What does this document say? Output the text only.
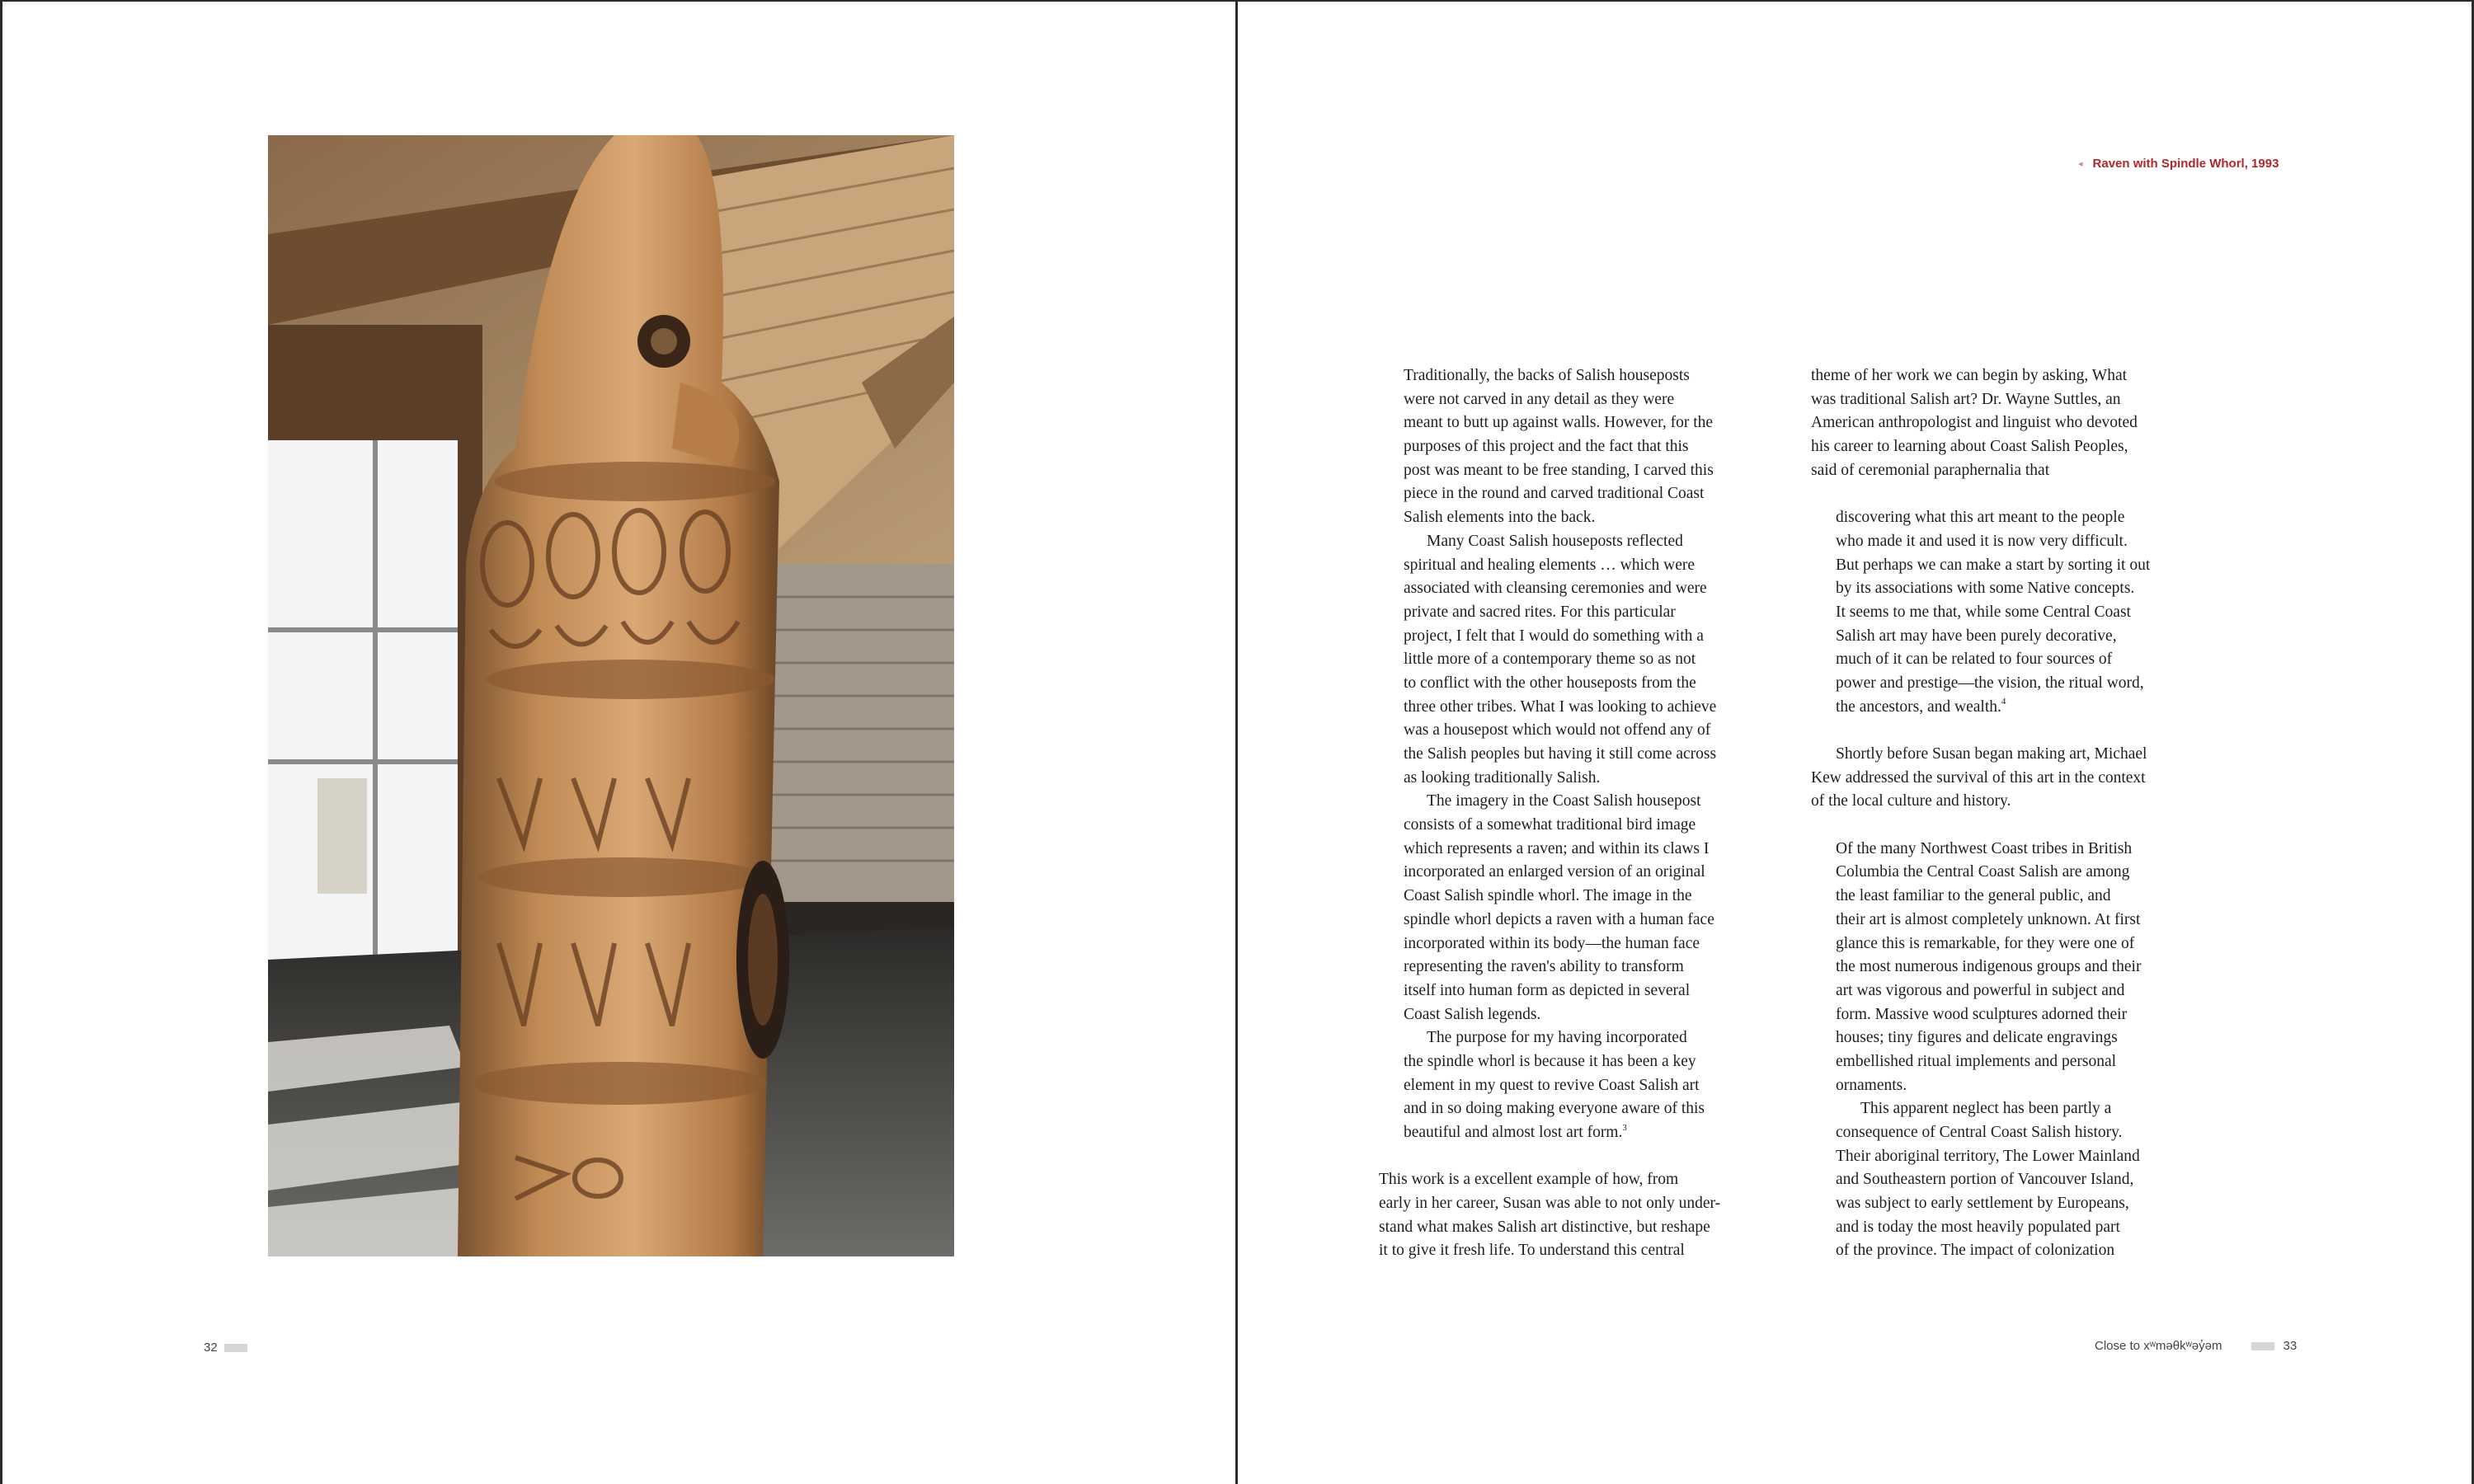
32
◂ Raven with Spindle Whorl, 1993
Traditionally, the backs of Salish houseposts
were not carved in any detail as they were
meant to butt up against walls. However, for the
purposes of this project and the fact that this
post was meant to be free standing, I carved this
piece in the round and carved traditional Coast
Salish elements into the back.
Many Coast Salish houseposts reflected
spiritual and healing elements … which were
associated with cleansing ceremonies and were
private and sacred rites. For this particular
project, I felt that I would do something with a
little more of a contemporary theme so as not
to conflict with the other houseposts from the
three other tribes. What I was looking to achieve
was a housepost which would not offend any of
the Salish peoples but having it still come across
as looking traditionally Salish.
The imagery in the Coast Salish housepost
consists of a somewhat traditional bird image
which represents a raven; and within its claws I
incorporated an enlarged version of an original
Coast Salish spindle whorl. The image in the
spindle whorl depicts a raven with a human face
incorporated within its body—the human face
representing the raven's ability to transform
itself into human form as depicted in several
Coast Salish legends.
The purpose for my having incorporated
the spindle whorl is because it has been a key
element in my quest to revive Coast Salish art
and in so doing making everyone aware of this
beautiful and almost lost art form.$^3$
This work is a excellent example of how, from
early in her career, Susan was able to not only under-
stand what makes Salish art distinctive, but reshape
it to give it fresh life. To understand this central
theme of her work we can begin by asking, What
was traditional Salish art? Dr. Wayne Suttles, an
American anthropologist and linguist who devoted
his career to learning about Coast Salish Peoples,
said of ceremonial paraphernalia that
discovering what this art meant to the people
who made it and used it is now very difficult.
But perhaps we can make a start by sorting it out
by its associations with some Native concepts.
It seems to me that, while some Central Coast
Salish art may have been purely decorative,
much of it can be related to four sources of
power and prestige—the vision, the ritual word,
the ancestors, and wealth.$^4$
Shortly before Susan began making art, Michael
Kew addressed the survival of this art in the context
of the local culture and history.
Of the many Northwest Coast tribes in British
Columbia the Central Coast Salish are among
the least familiar to the general public, and
their art is almost completely unknown. At first
glance this is remarkable, for they were one of
the most numerous indigenous groups and their
art was vigorous and powerful in subject and
form. Massive wood sculptures adorned their
houses; tiny figures and delicate engravings
embellished ritual implements and personal
ornaments.
This apparent neglect has been partly a
consequence of Central Coast Salish history.
Their aboriginal territory, The Lower Mainland
and Southeastern portion of Vancouver Island,
was subject to early settlement by Europeans,
and is today the most heavily populated part
of the province. The impact of colonization
Close to xʷməθkʷəy̓əm	33
